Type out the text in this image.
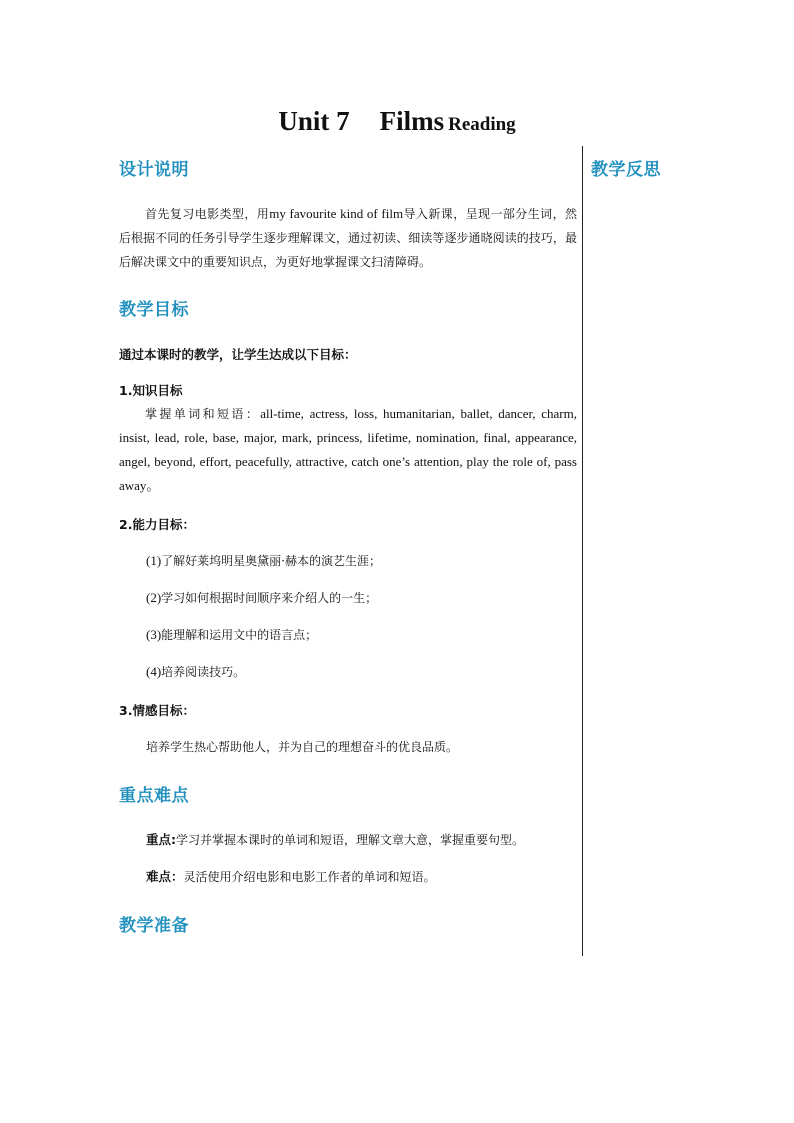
Unit 7 Films Reading
教学反思
设计说明
首先复习电影类型，用my favourite kind of film导入新课，呈现一部分生词，然后根据不同的任务引导学生逐步理解课文，通过初读、细读等逐步通晓阅读的技巧，最后解决课文中的重要知识点，为更好地掌握课文扫清障碍。
教学目标
通过本课时的教学，让学生达成以下目标：
1.知识目标
掌握单词和短语：all-time, actress, loss, humanitarian, ballet, dancer, charm, insist, lead, role, base, major, mark, princess, lifetime, nomination, final, appearance, angel, beyond, effort, peacefully, attractive, catch one’s attention, play the role of, pass away。
2.能力目标：
(1)了解好莱坞明星奥黛丽·赫本的演艺生涯；
(2)学习如何根据时间顺序来介绍人的一生；
(3)能理解和运用文中的语言点；
(4)培养阅读技巧。
3.情感目标：
培养学生热心帮助他人，并为自己的理想奋斗的优良品质。
重点难点
重点:学习并掌握本课时的单词和短语，理解文章大意，掌握重要句型。
难点：灵活使用介绍电影和电影工作者的单词和短语。
教学准备
